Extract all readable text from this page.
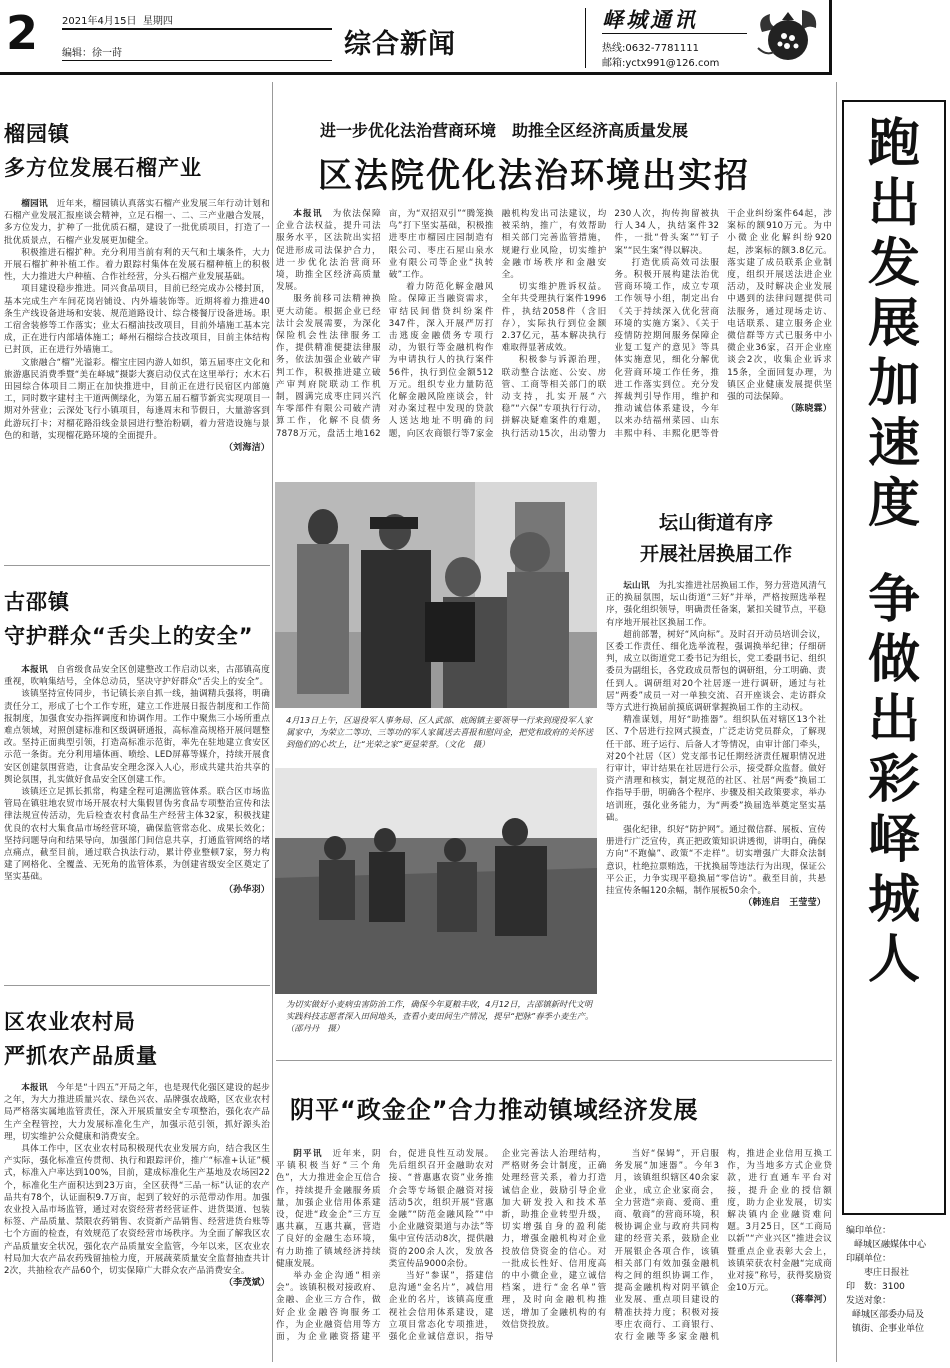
2 2021年4月15日 星期四
编辑：徐一莳	综合新闻
峄城通讯
热线:0632-7781111
邮箱:yctx991@126.com
榴园镇
多方位发展石榴产业

榴园讯　 近年来，榴园镇认真落实石榴产业发展三年行动计划和石榴产业发展汇报座谈会精神，立足石榴一、二、三产业融合发展，多方位发力，扩种了一批优质石榴，建设了一批优质项目，打造了一批优质景点，石榴产业发展更加健全。

积极推进石榴扩种。充分利用当前有利的天气和土壤条件，大力开展石榴扩种补植工作。着力跟踪村集体在发展石榴种植上的积极性，大力推进大户种植、合作社经营，分头石榴产业发展基础。

项目建设稳步推进。同兴食品项目，目前已经完成办公楼封顶，基本完成生产车间花岗岩铺设、内外墙装饰等。近期将着力推进40条生产线设备进场和安装、规范道路设计、综合楼餐厅设备进场。职工宿舍装修等工作落实；业太石榴油技改项目，目前外墙施工基本完成，正在进行内部墙体施工；峄州石榴综合技改项目，目前主体结构已封顶，正在进行外墙施工。

文旅融合“榴”光溢彩。榴宝庄园内游人如织，第五届枣庄文化和旅游惠民消费季暨“美在峄城”摄影大赛启动仪式在这里举行；水木石田园综合体项目二期正在加快推进中，目前正在进行民宿区内部施工，同时数字建村主干道两侧绿化，为第五届石榴节新宾实现项目一期对外营业；云深处飞行小镇项目，每逢周末和节假日，大量游客到此游玩打卡；对榴花路沿线金景园进行整治粉刷，着力营造设施与景色的和谐，实现榴花路环境的全面提升。

（刘海洁）
古邵镇
守护群众“舌尖上的安全”

本报讯　 自省级食品安全区创建整改工作启动以来，古邵镇高度重视，吹响集结号，全体总动员，坚决守护好群众“舌尖上的安全”。

该镇坚持宣传同步，书记镇长亲自抓一线，抽调精兵强将，明确责任分工，形成了七个工作专班，建立工作进展日报告制度和工作简报制度，加强食安办指挥调度和协调作用。工作中聚焦三小场所重点难点领域，对照创建标准和区级调研通报，高标准高规格开展问题整改。坚持正面典型引领，打造高标准示范街，率先在驻地建立食安区示范一条街。充分利用墙体画、喷绘、LED屏幕等媒介，持续开展食安区创建氛围营造，让食品安全理念深入人心，形成共建共治共享的舆论氛围，扎实做好食品安全区创建工作。

该镇还立足抓长抓常，构建全程可追溯监管体系。联合区市场监管局在镇驻地农贸市场开展农村大集假冒伪劣食品专项整治宣传和法律法规宣传活动，先后检查农村食品生产经营主体32家，积极找建优良的农村大集食品市场经营环境，确保监管常态化、成果长效化；坚持问题导向和结果导向，加强部门间信息共享，打通监管网络的堵点痛点，截至目前，通过联合执法行动，累计停业整顿7家，努力构建了网格化、全覆盖、无死角的监管体系，为创建省级安全区奠定了坚实基础。

（孙华羽）
区农业农村局
严抓农产品质量

本报讯　 今年是“十四五”开局之年，也是现代化强区建设的起步之年，为大力推进质量兴农、绿色兴农、品牌强农战略，区农业农村局严格落实属地监管责任，深入开展质量安全专项整治，强化农产品生产全程管控，大力发展标准化生产，加强示范引领，抓好源头治理，切实维护公众健康和消费安全。

具体工作中，区农业农村局积极现代农业发展方向，结合我区生产实际，强化标准宣传贯彻、执行和跟踪评价，推广“标准+认证”模式，标准入户率达到100%，目前，建成标准化生产基地及农场园22个，标准化生产面积达到23万亩，全区获得“三品一标”认证的农产品共有78个，认证面积9.7万亩，起到了较好的示范带动作用。加强农业投入品市场监管，通过对农资经营者经营证件、进货渠道、包装标签、产品质量、禁限农药销售、农资新产品销售、经营进货台账等七个方面的检查，有效规范了农资经营市场秩序。为全面了解我区农产品质量安全状况，强化农产品质量安全监管，今年以来，区农业农村局加大农产品农药残留抽检力度，开展蔬菜质量安全监督抽查共计2次，共抽检农产品60个，切实保障广大群众农产品消费安全。

（李茂斌）
进一步优化法治营商环境　助推全区经济高质量发展
区法院优化法治环境出实招

本报讯　 为依法保障企业合法权益，提升司法服务水平，区法院出实招促进形成司法保护合力，进一步优化法治营商环境，助推全区经济高质量发展。

服务前移司法精神换更大动能。根据企业已经法计会发展需要，为深化保险机会性法律服务工作，提供精准便捷法律服务，依法加强企业破产审判工作，积极推进建立破产审判府院联动工作机制，圆满完成枣庄同兴汽车零部件有限公司破产清算工作，化解不良债务7878万元，盘活土地162亩，为“双招双引”“腾笼换鸟”打下坚实基础，积极推进枣庄市榴园庄园制造有限公司、枣庄石屋山泉水业有限公司等企业“执转破”工作。

着力防范化解金融风险。保障正当融资需求，审结民间借贷纠纷案件347件，深入开展严厉打击逃废金融债务专项行动，为银行等金融机构作为申请执行人的执行案件56件，执行到位金额512万元。组织专业力量防范化解金融风险座谈会，针对办案过程中发现的贷款人送达地址不明确的问题，向区农商银行等7家金融机构发出司法建议，均被采纳，推广，有效帮助相关部门完善监管措施，规避行业风险，切实维护金融市场秩序和金融安全。

切实维护胜诉权益。全年共受理执行案件1996件，执结2058件（含旧存），实际执行到位金额2.37亿元，基本解决执行难取得显著成效。

积极参与诉源治理，联动整合法庭、公安、房管、工商等相关部门的联动支持，扎实开展“六稳”“六保”专项执行行动，拼解决疑难案件的难题，执行活动15次，出动警力230人次，拘传拘留被执行人34人，执结案件32件，一批“骨头案”“钉子案”“民生案”得以解决。

打造优质高效司法服务。积极开展构建法治优营商环境工作，成立专项工作领导小组，制定出台《关于持续深入优化营商环境的实施方案》、《关于疫情防控期间服务保障企业复工复产的意见》等具体实施意见，细化分解优化营商环境工作任务，推进工作落实到位。充分发挥裁判引导作用，维护和推动诚信体系建设，今年以来办结福州菜园、山东丰熙中科、丰熙化肥等骨干企业纠纷案件64起，涉案标的额910万元。为中小微企业化解纠纷920起，涉案标的额3.8亿元。落实建了成员联系企业制度，组织开展送法进企业活动，及时解决企业发展中遇到的法律问题提供司法服务，通过现场走访、电话联系、建立服务企业微信群等方式已服务中小微企业36家，召开企业座谈会2次，收集企业诉求15条，全面回复办理，为镇区企业健康发展提供坚强的司法保障。

（陈晓霖）
4月13日上午，区退役军人事务局、区人武部、底阁镇主要领导一行来到现役军人家属家中，为荣立二等功、三等功的军人家属送去喜报和慰问金，把党和政府的关怀送到他们的心坎上，让“光荣之家”更显荣誉。（文化　摄）
为切实做好小麦病虫害防治工作，确保今年夏粮丰收，4月12日，古邵镇新时代文明实践科技志愿者深入田间地头，查看小麦田间生产情况，提早“把脉”春季小麦生产。（邵丹丹　摄）
坛山街道有序
开展社居换届工作

坛山讯　 为扎实推进社居换届工作，努力营造风清气正的换届氛围，坛山街道“三好”并举，严格按照选举程序，强化组织领导，明确责任备案，紧扣关键节点，平稳有序地开展社区换届工作。

超前部署，树好“风向标”。及时召开动员培训会议，区委工作责任、细化选举流程，强调换举纪律；仔细研判，成立以街道党工委书记为组长，党工委副书记、组织委员为副组长，各党政成员帮包的调研组，分工明确、责任到人。调研组对20个社居逐一进行调研，通过与社居“两委”成员一对一单独交流、召开座谈会、走访群众等方式进行换届前摸底调研掌握换届工作的主动权。

精准谋划，用好“助推器”。组织队伍对辖区13个社区、7个居进行拉网式摸查，广泛走访党员群众，了解现任干部、班子运行、后备人才等情况，由审计部门牵头，对20个社居（区）党支部书记任期经济责任履职情况进行审计，审计结果在社居进行公示，接受群众监督。做好资产清理和核实，制定规范的社区、社居“两委”换届工作指导手册，明确各个程序、步骤及相关政策要求，举办培训班，强化业务能力，为“两委”换届选举奠定坚实基础。

强化纪律，织好“防护网”。通过微信群、展板、宣传册进行广泛宣传，真正把政策知识讲透彻，讲明白，确保方向“不跑偏”、政策“不走样”。切实增强广大群众法制意识，杜绝拉票贿选，干扰换届等违法行为出现，保证公平公正，力争实现平稳换届“零信访”。截至目前，共悬挂宣传条幅120余幅，制作展板50余个。

（韩连启　王莹莹）
阴平“政金企”合力推动镇域经济发展

阴平讯　 近年来，阴平镇积极当好“三个角色”，大力推进金企互信合作，持续提升金融服务质量，加强企业信用体系建设，促进“政金企”三方互惠共赢，互惠共赢，营造了良好的金融生态环境，有力助推了镇域经济持续健康发展。

举办金企沟通“相亲会”。该镇积极对接政府、金融、企业三方合作，做好企业金融咨询服务工作，为企业融资信用等方面，为企业融资搭建平台，促进良性互动发展。先后组织召开金融助农对接、“普惠惠农资”业务推介会等专场银企融资对接活动5次，组织开展“营惠金融”“防范金融风险”“中小企业融资渠道与办法”等集中宣传活动8次，提供融资的200余人次，发放各类宣传品9000余份。

当好“参谋”，搭建信息沟通“金名片”，减信用企业的名片，该镇高度重视社会信用体系建设，建立项目常态化专项推进，强化企业诚信意识，指导企业完善法人治理结构，严格财务会计制度，正确处理经营关系，着力打造诚信企业，鼓励引导企业加大研发投入和技术革新，助推企业转型升级，切实增强自身的盈利能力，增强金融机构对企业投放信贷资金的信心。对一批成长性好、信用度高的中小微企业，建立诚信档案，进行“金名单”管理，及时向金融机构推送，增加了金融机构的有效信贷投放。

当好“保姆”，开启服务发展“加速器”。今年3月，该镇组织辖区40余家企业，成立企业家商会，全力营造“亲商、爱商、重商、敬商”的营商环境，积极协调企业与政府共同构建的经营关系，鼓励企业开展银企各项合作，该镇相关部门有效加强金融机构之间的组织协调工作，提高金融机构对阴平镇企业发展、重点项目建设的精准扶持力度；积极对接枣庄农商行、工商银行、农行金融等多家金融机构，推进企业信用互换工作，为当地多方式企业贷款，进行直通车平台对接，提升企业的授信额度，助力企业发展，切实解决镇内企业融资难问题。3月25日，区“工商局以新”“产业兴区”推进会议暨重点企业表彰大会上，该镇荣获农村金融“完成商业对接”称号，获得奖励资金10万元。

（蒋奉河）
跑
出
发
展
加
速
度
争
做
出
彩
峄
城
人
编印单位：
峄城区融媒体中心
印刷单位：
枣庄日报社
印　数：3100
发送对象：
峄城区部委办局及
镇街、企事业单位
